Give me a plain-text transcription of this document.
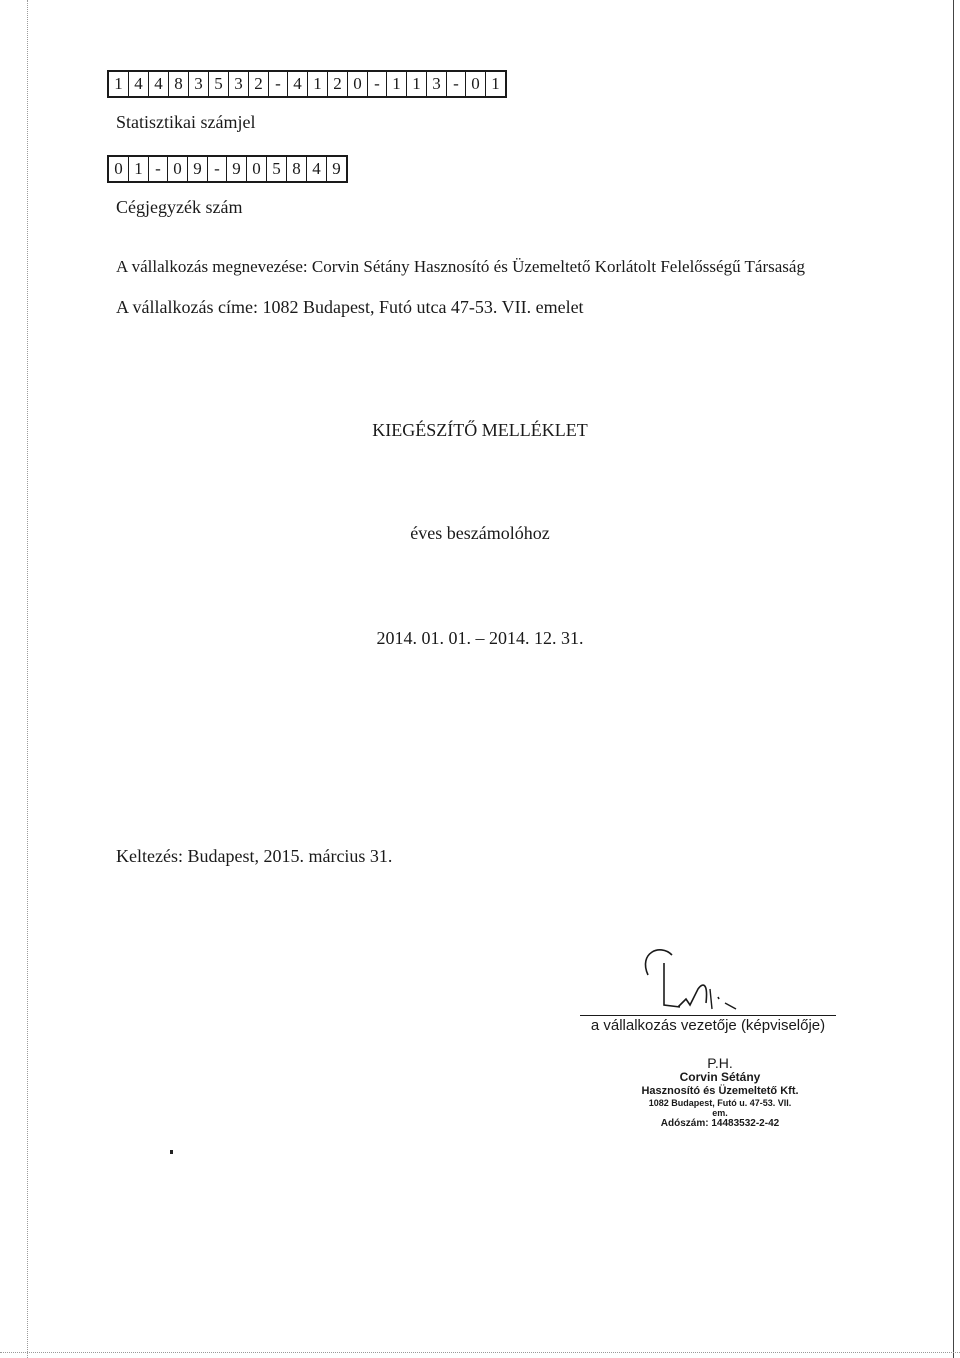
1 4 4 8 3 5 3 2 - 4 1 2 0 - 1 1 3 - 0 1
Statisztikai számjel
0 1 - 0 9 - 9 0 5 8 4 9
Cégjegyzék szám
A vállalkozás megnevezése: Corvin Sétány Hasznosító és Üzemeltető Korlátolt Felelősségű Társaság
A vállalkozás címe: 1082 Budapest, Futó utca 47-53. VII. emelet
KIEGÉSZÍTŐ MELLÉKLET
éves beszámolóhoz
2014. 01. 01. – 2014. 12. 31.
Keltezés: Budapest, 2015. március 31.
a vállalkozás vezetője (képviselője)
P.H.
Corvin Sétány
Hasznosító és Üzemeltető Kft.
1082 Budapest, Futó u. 47-53. VII. em.
Adószám: 14483532-2-42
